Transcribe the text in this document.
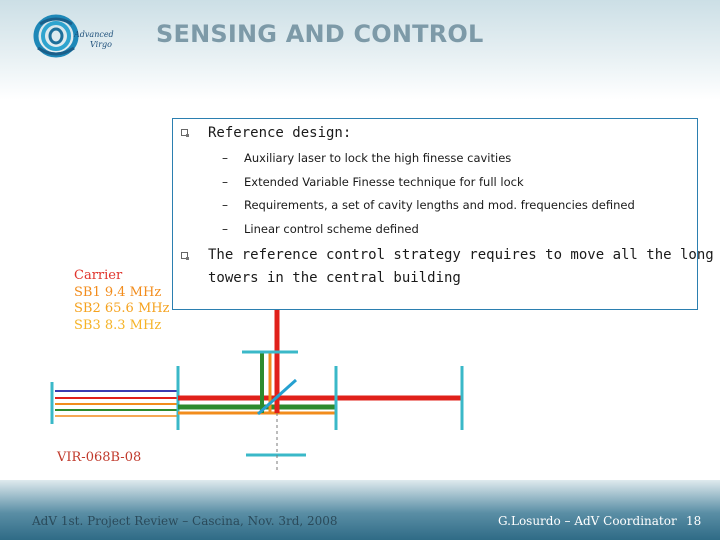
Advanced
Virgo SENSING AND CONTROL
Reference design:
– Auxiliary laser to lock the high finesse cavities
– Extended Variable Finesse technique for full lock
– Requirements, a set of cavity lengths and mod. frequencies defined
– Linear control scheme defined
The reference control strategy requires to move all the long
towers in the central building
Carrier
SB1 9.4 MHz
SB2 65.6 MHz
SB3 8.3 MHz
VIR-068B-08
AdV 1st. Project Review – Cascina, Nov. 3rd, 2008	G.Losurdo – AdV Coordinator 18
